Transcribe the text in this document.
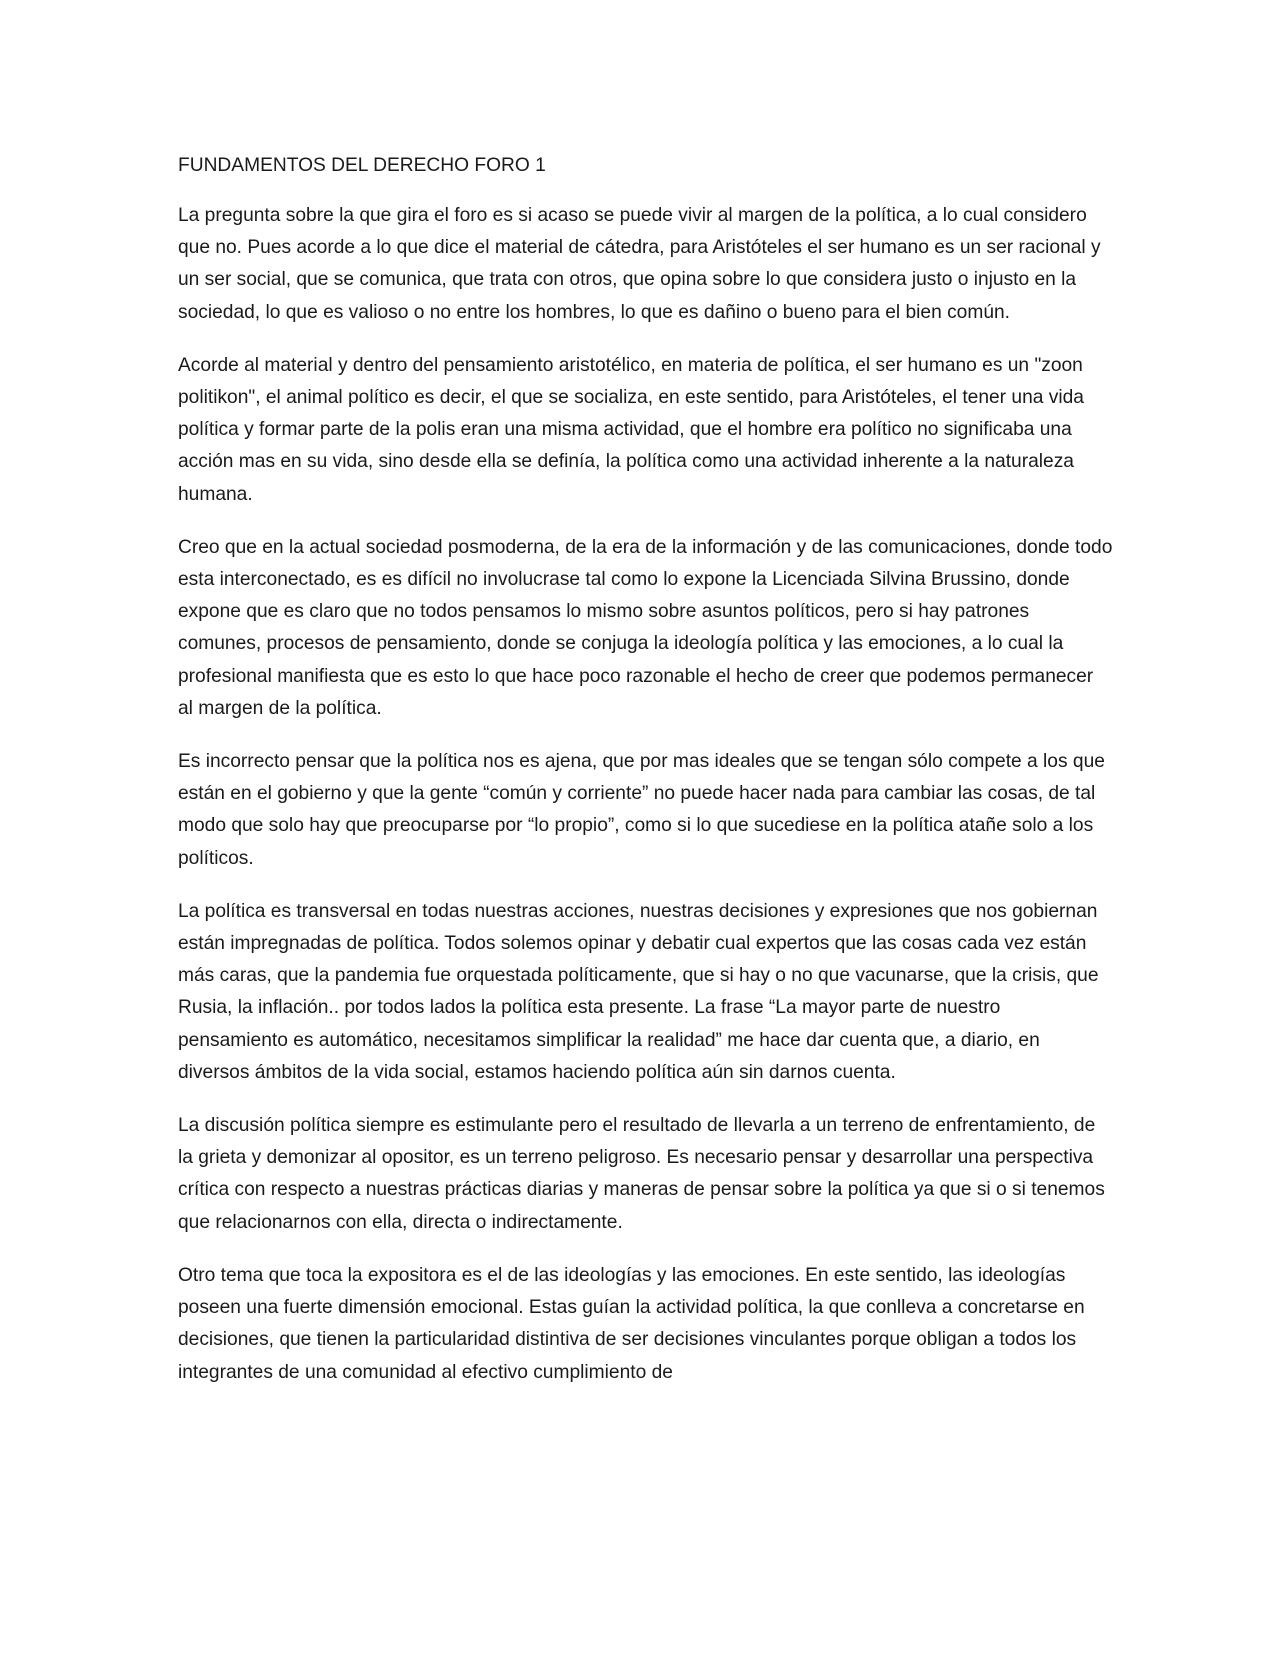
FUNDAMENTOS DEL DERECHO FORO 1

La pregunta sobre la que gira el foro es si acaso se puede vivir al margen de la política, a lo cual considero que no. Pues acorde a lo que dice el material de cátedra, para Aristóteles el ser humano es un ser racional y un ser social, que se comunica, que trata con otros, que opina sobre lo que considera justo o injusto en la sociedad, lo que es valioso o no entre los hombres, lo que es dañino o bueno para el bien común.

Acorde al material y dentro del pensamiento aristotélico, en materia de política, el ser humano es un "zoon politikon", el animal político es decir, el que se socializa, en este sentido, para Aristóteles, el tener una vida política y formar parte de la polis eran una misma actividad, que el hombre era político no significaba una acción mas en su vida, sino desde ella se definía, la política como una actividad inherente a la naturaleza humana.

Creo que en la actual sociedad posmoderna, de la era de la información y de las comunicaciones, donde todo esta interconectado, es es difícil no involucrase tal como lo expone la Licenciada Silvina Brussino, donde expone que es claro que no todos pensamos lo mismo sobre asuntos políticos, pero si hay patrones comunes, procesos de pensamiento, donde se conjuga la ideología política y las emociones, a lo cual la profesional manifiesta que es esto lo que hace poco razonable el hecho de creer que podemos permanecer al margen de la política.

Es incorrecto pensar que la política nos es ajena, que por mas ideales que se tengan sólo compete a los que están en el gobierno y que la gente “común y corriente” no puede hacer nada para cambiar las cosas, de tal modo que solo hay que preocuparse por “lo propio”, como si lo que sucediese en la política atañe solo a los políticos.

La política es transversal en todas nuestras acciones, nuestras decisiones y expresiones que nos gobiernan están impregnadas de política. Todos solemos opinar y debatir cual expertos que las cosas cada vez están más caras, que la pandemia fue orquestada políticamente, que si hay o no que vacunarse, que la crisis, que Rusia, la inflación.. por todos lados la política esta presente. La frase “La mayor parte de nuestro pensamiento es automático, necesitamos simplificar la realidad” me hace dar cuenta que, a diario, en diversos ámbitos de la vida social, estamos haciendo política aún sin darnos cuenta.

La discusión política siempre es estimulante pero el resultado de llevarla a un terreno de enfrentamiento, de la grieta y demonizar al opositor, es un terreno peligroso. Es necesario pensar y desarrollar una perspectiva crítica con respecto a nuestras prácticas diarias y maneras de pensar sobre la política ya que si o si tenemos que relacionarnos con ella, directa o indirectamente.

Otro tema que toca la expositora es el de las ideologías y las emociones. En este sentido, las ideologías poseen una fuerte dimensión emocional. Estas guían la actividad política, la que conlleva a concretarse en decisiones, que tienen la particularidad distintiva de ser decisiones vinculantes porque obligan a todos los integrantes de una comunidad al efectivo cumplimiento de
